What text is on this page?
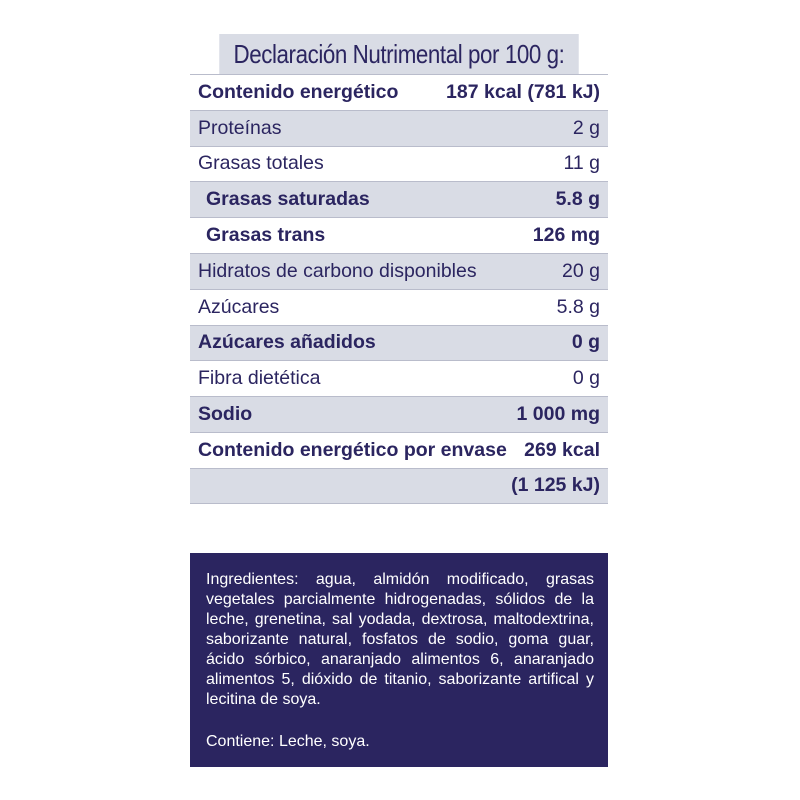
Declaración Nutrimental por 100 g:
Contenido energético 187 kcal (781 kJ)
Proteínas	2 g
Grasas totales	11 g
Grasas saturadas	5.8 g
Grasas trans	126 mg
Hidratos de carbono disponibles	20 g
Azúcares	5.8 g
Azúcares añadidos	0 g
Fibra dietética	0 g
Sodio	1 000 mg
Contenido energético por envase 269 kcal
(1 125 kJ)
Ingredientes: agua, almidón modificado, grasas vegetales parcialmente hidrogenadas, sólidos de la leche, grenetina, sal yodada, dextrosa, maltodextrina, saborizante natural, fosfatos de sodio, goma guar, ácido sórbico, anaranjado alimentos 6, anaranjado alimentos 5, dióxido de titanio, saborizante artifical y lecitina de soya.
Contiene: Leche, soya.
